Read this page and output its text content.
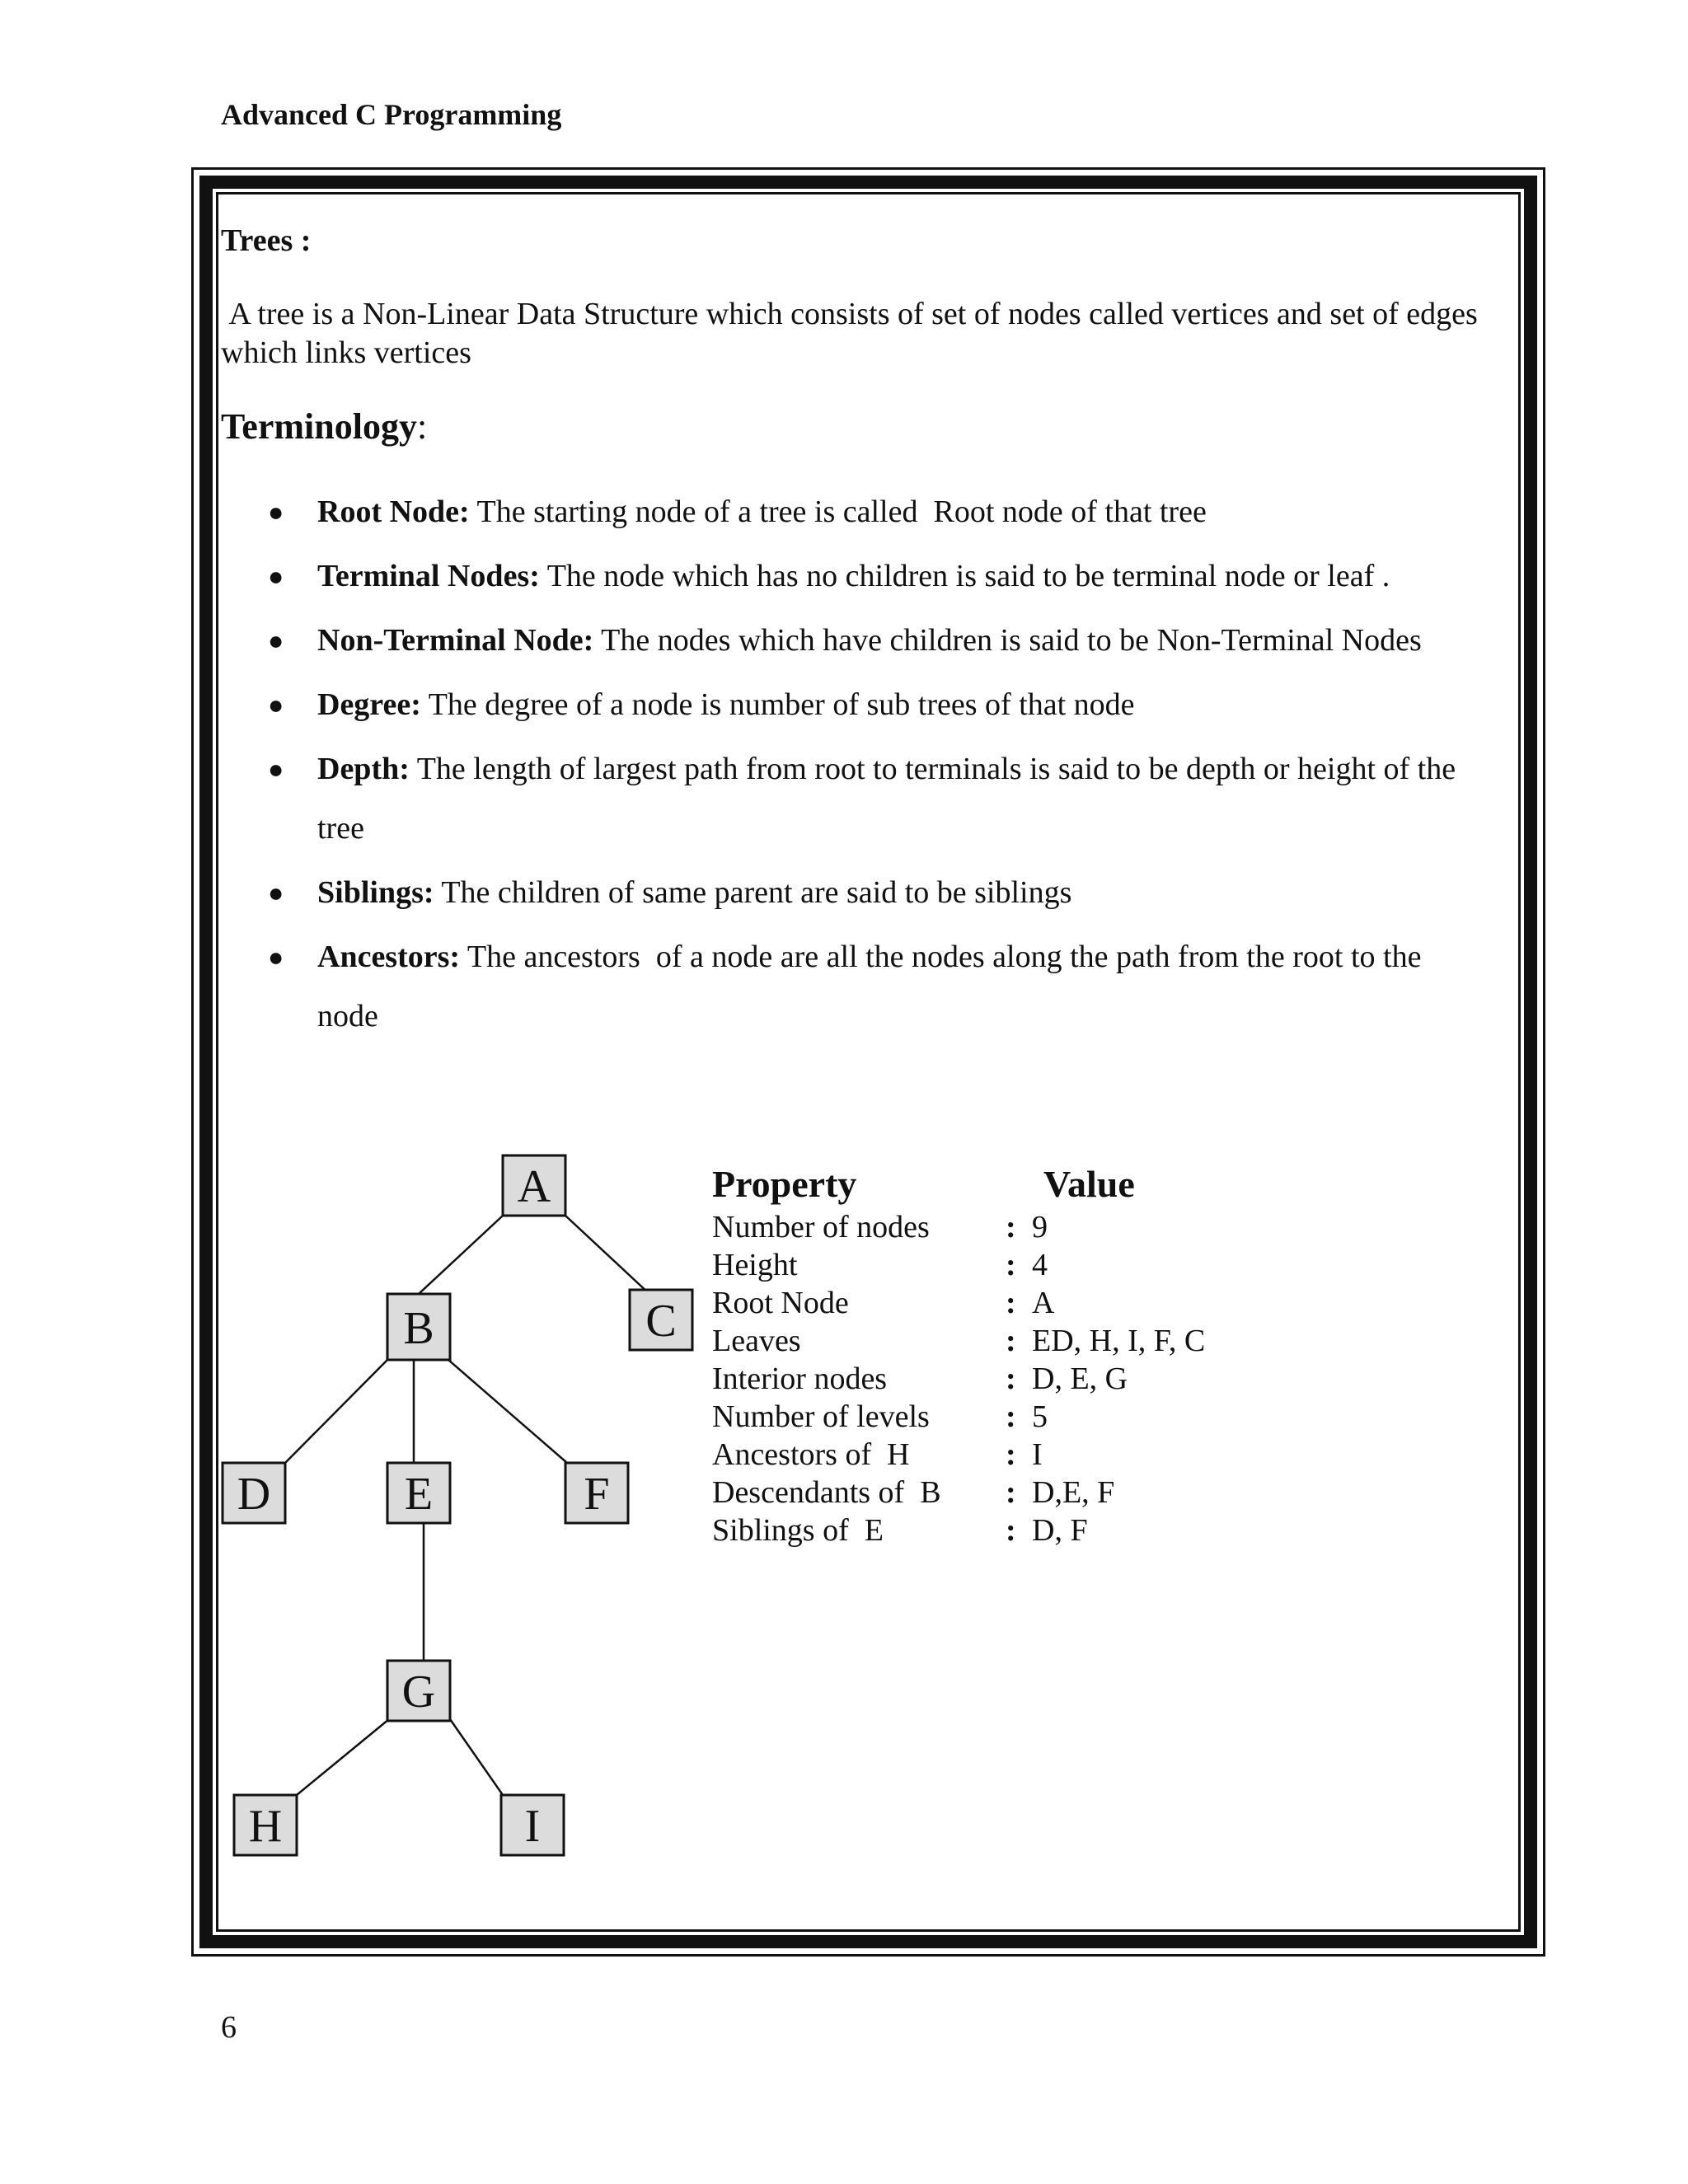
Advanced C Programming
Trees :
A tree is a Non-Linear Data Structure which consists of set of nodes called vertices and set of edges which links vertices
Terminology:
● Root Node: The starting node of a tree is called  Root node of that tree
● Terminal Nodes: The node which has no children is said to be terminal node or leaf .
● Non-Terminal Node: The nodes which have children is said to be Non-Terminal Nodes
● Degree: The degree of a node is number of sub trees of that node
● Depth: The length of largest path from root to terminals is said to be depth or height of the tree
● Siblings: The children of same parent are said to be siblings
● Ancestors: The ancestors  of a node are all the nodes along the path from the root to the node
A
B	C
D	E	F
G
H	I
Property	Value
Number of nodes : 9
Height	: 4
Root Node	: A
Leaves	: ED, H, I, F, C
Interior nodes	: D, E, G
Number of levels : 5
Ancestors of  H	: I
Descendants of  B : D,E, F
Siblings of  E	: D, F
6
